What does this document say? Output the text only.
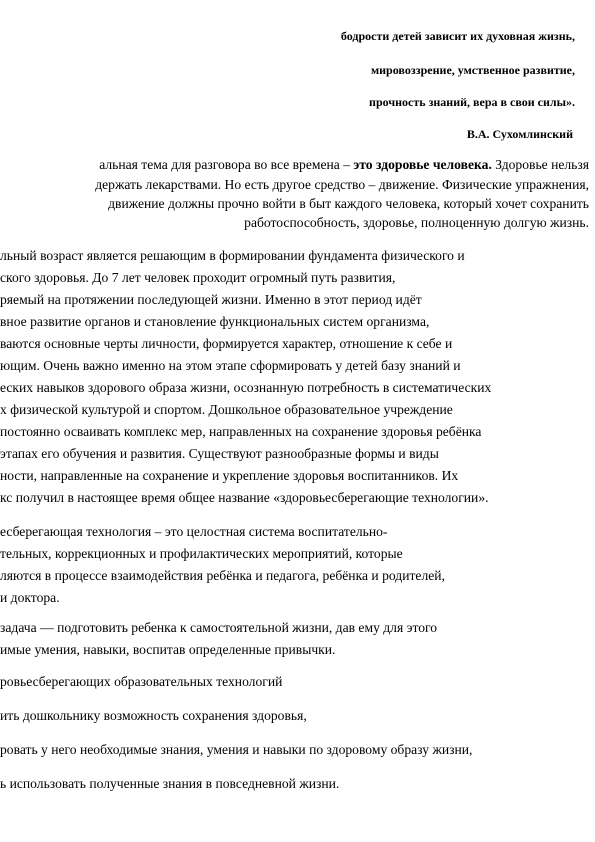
бодрости детей зависит их духовная жизнь,

мировоззрение, умственное развитие,

прочность знаний, вера в свои силы».

В.А. Сухомлинский

альная тема для разговора во все времена – это здоровье человека. Здоровье нельзя

держать лекарствами. Но есть другое средство – движение. Физические упражнения,

движение должны прочно войти в быт каждого человека, который хочет сохранить

работоспособность, здоровье, полноценную долгую жизнь.

льный возраст является решающим в формировании фундамента физического и

ского здоровья. До 7 лет человек проходит огромный путь развития,

ряемый на протяжении последующей жизни. Именно в этот период идёт

вное развитие органов и становление функциональных систем организма,

ваются основные черты личности, формируется характер, отношение к себе и

ющим. Очень важно именно на этом этапе сформировать у детей базу знаний и

еских навыков здорового образа жизни, осознанную потребность в систематических

х физической культурой и спортом. Дошкольное образовательное учреждение

постоянно осваивать комплекс мер, направленных на сохранение здоровья ребёнка

этапах его обучения и развития. Существуют разнообразные формы и виды

ности, направленные на сохранение и укрепление здоровья воспитанников. Их

кс получил в настоящее время общее название «здоровьесберегающие технологии».

есберегающая технология – это целостная система воспитательно-

тельных, коррекционных и профилактических мероприятий, которые

ляются в процессе взаимодействия ребёнка и педагога, ребёнка и родителей,

и доктора.

задача — подготовить ребенка к самостоятельной жизни, дав ему для этого

имые умения, навыки, воспитав определенные привычки.

ровьесберегающих образовательных технологий

ить дошкольнику возможность сохранения здоровья,

ровать у него необходимые знания, умения и навыки по здоровому образу жизни,

ь использовать полученные знания в повседневной жизни.
